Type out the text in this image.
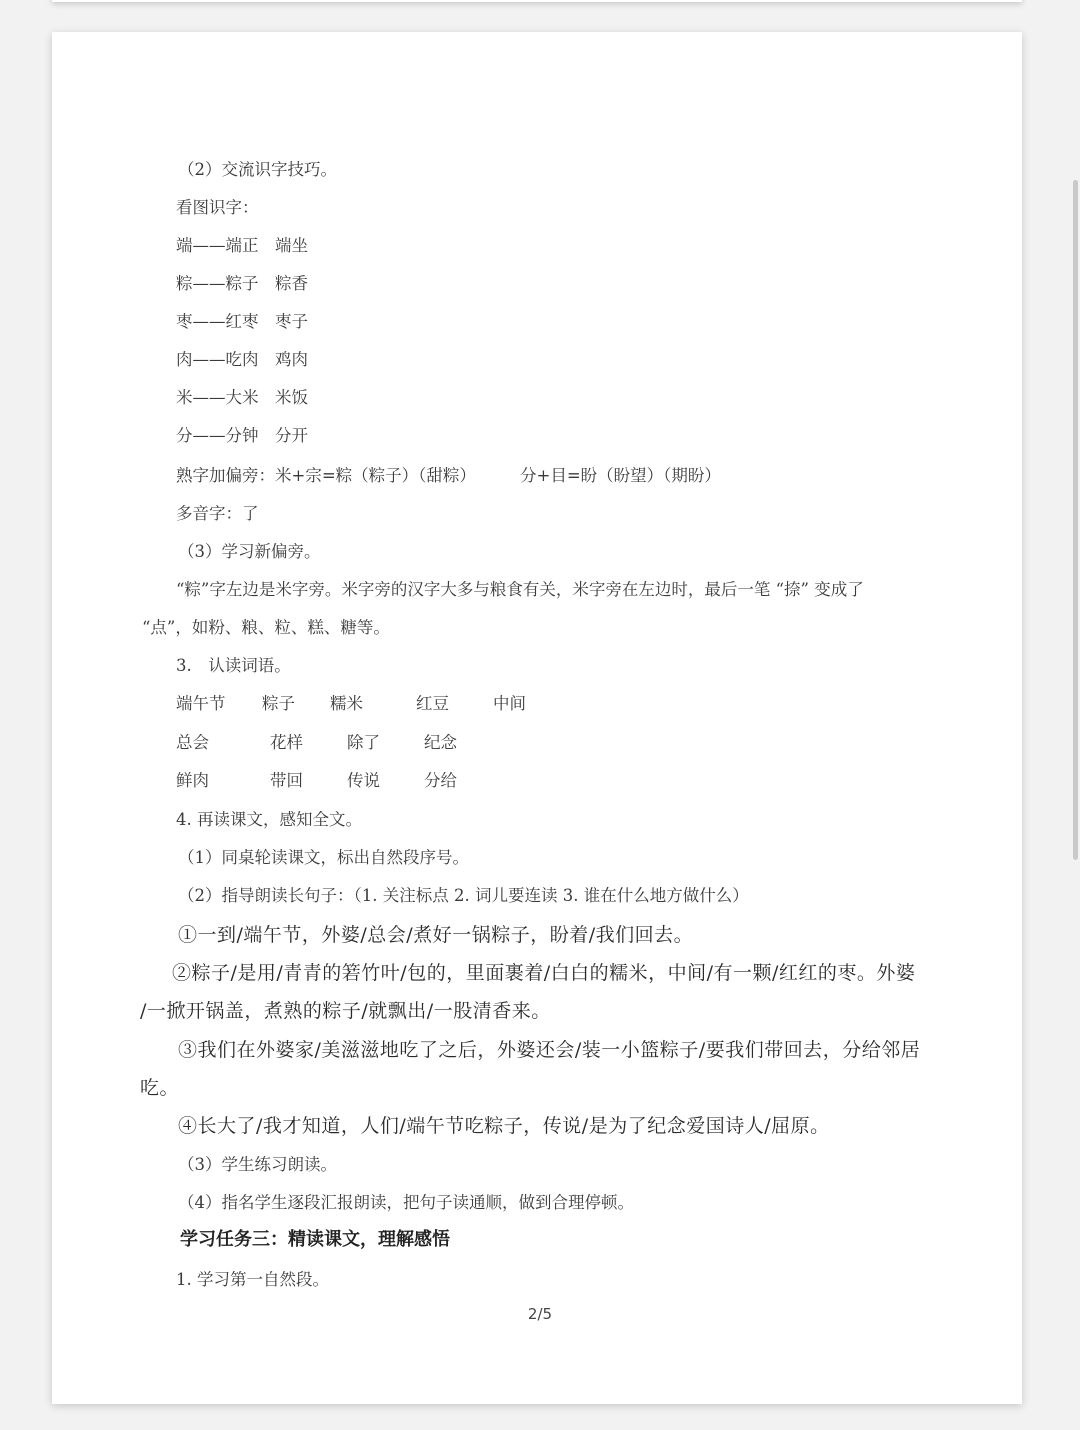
（2）交流识字技巧。
看图识字：
端——端正　端坐
粽——粽子　粽香
枣——红枣　枣子
肉——吃肉　鸡肉
米——大米　米饭
分——分钟　分开
熟字加偏旁：米+宗=粽（粽子）（甜粽）	分+目=盼（盼望）（期盼）
多音字：了
（3）学习新偏旁。
“粽”字左边是米字旁。米字旁的汉字大多与粮食有关，米字旁在左边时，最后一笔 “捺” 变成了
“点”，如粉、粮、粒、糕、糖等。
3.　认读词语。
端午节 粽子 糯米	红豆	中间
总会	花样	除了	纪念
鲜肉	带回	传说	分给
4. 再读课文，感知全文。
（1）同桌轮读课文，标出自然段序号。
（2）指导朗读长句子：（1. 关注标点 2. 词儿要连读 3. 谁在什么地方做什么）
①一到/端午节，外婆/总会/煮好一锅粽子，盼着/我们回去。
②粽子/是用/青青的箬竹叶/包的，里面裹着/白白的糯米，中间/有一颗/红红的枣。外婆
/一掀开锅盖，煮熟的粽子/就飘出/一股清香来。
③我们在外婆家/美滋滋地吃了之后，外婆还会/装一小篮粽子/要我们带回去，分给邻居
吃。
④长大了/我才知道，人们/端午节吃粽子，传说/是为了纪念爱国诗人/屈原。
（3）学生练习朗读。
（4）指名学生逐段汇报朗读，把句子读通顺，做到合理停顿。
学习任务三：精读课文，理解感悟
1. 学习第一自然段。
2/5
